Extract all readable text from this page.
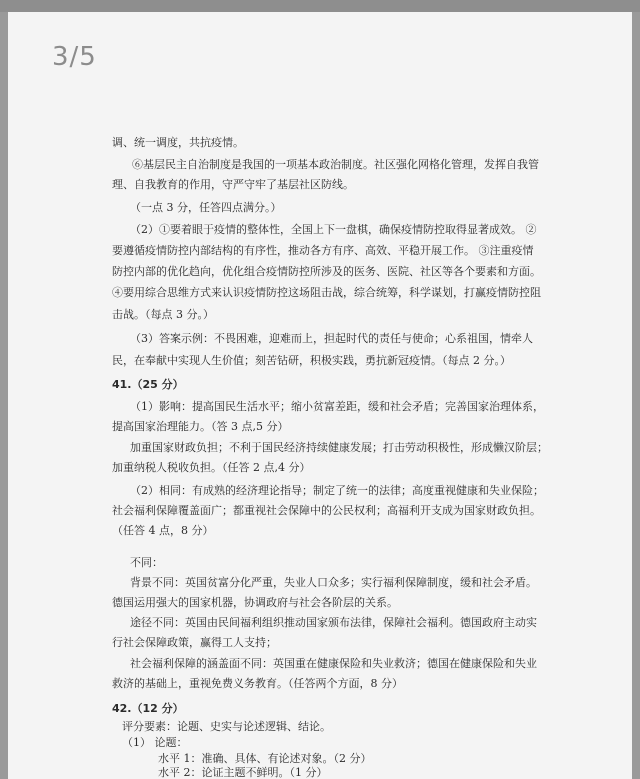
3/5
调、统一调度，共抗疫情。
⑥基层民主自治制度是我国的一项基本政治制度。社区强化网格化管理，发挥自我管
理、自我教育的作用，守严守牢了基层社区防线。
（一点 3 分，任答四点满分。）
（2）①要着眼于疫情的整体性，全国上下一盘棋，确保疫情防控取得显著成效。 ②
要遵循疫情防控内部结构的有序性，推动各方有序、高效、平稳开展工作。 ③注重疫情
防控内部的优化趋向，优化组合疫情防控所涉及的医务、医院、社区等各个要素和方面。
④要用综合思维方式来认识疫情防控这场阻击战，综合统筹，科学谋划，打赢疫情防控阻
击战。（每点 3 分。）
（3）答案示例：不畏困难，迎难而上，担起时代的责任与使命；心系祖国，情牵人
民，在奉献中实现人生价值；刻苦钻研，积极实践，勇抗新冠疫情。（每点 2 分。）
41.（25 分）
（1）影响：提高国民生活水平；缩小贫富差距，缓和社会矛盾；完善国家治理体系，
提高国家治理能力。（答 3 点,5 分）
加重国家财政负担；不利于国民经济持续健康发展；打击劳动积极性，形成懒汉阶层；
加重纳税人税收负担。（任答 2 点,4 分）
（2）相同：有成熟的经济理论指导；制定了统一的法律；高度重视健康和失业保险；
社会福利保障覆盖面广；都重视社会保障中的公民权利；高福利开支成为国家财政负担。
（任答 4 点，8 分）
不同：
背景不同：英国贫富分化严重，失业人口众多；实行福利保障制度，缓和社会矛盾。
德国运用强大的国家机器，协调政府与社会各阶层的关系。
途径不同：英国由民间福利组织推动国家颁布法律，保障社会福利。德国政府主动实
行社会保障政策，赢得工人支持；
社会福利保障的涵盖面不同：英国重在健康保险和失业救济；德国在健康保险和失业
救济的基础上，重视免费义务教育。（任答两个方面，8 分）
42.（12 分）
评分要素：论题、史实与论述逻辑、结论。
（1） 论题：
水平 1：准确、具体、有论述对象。（2 分）
水平 2：论证主题不鲜明。（1 分）
